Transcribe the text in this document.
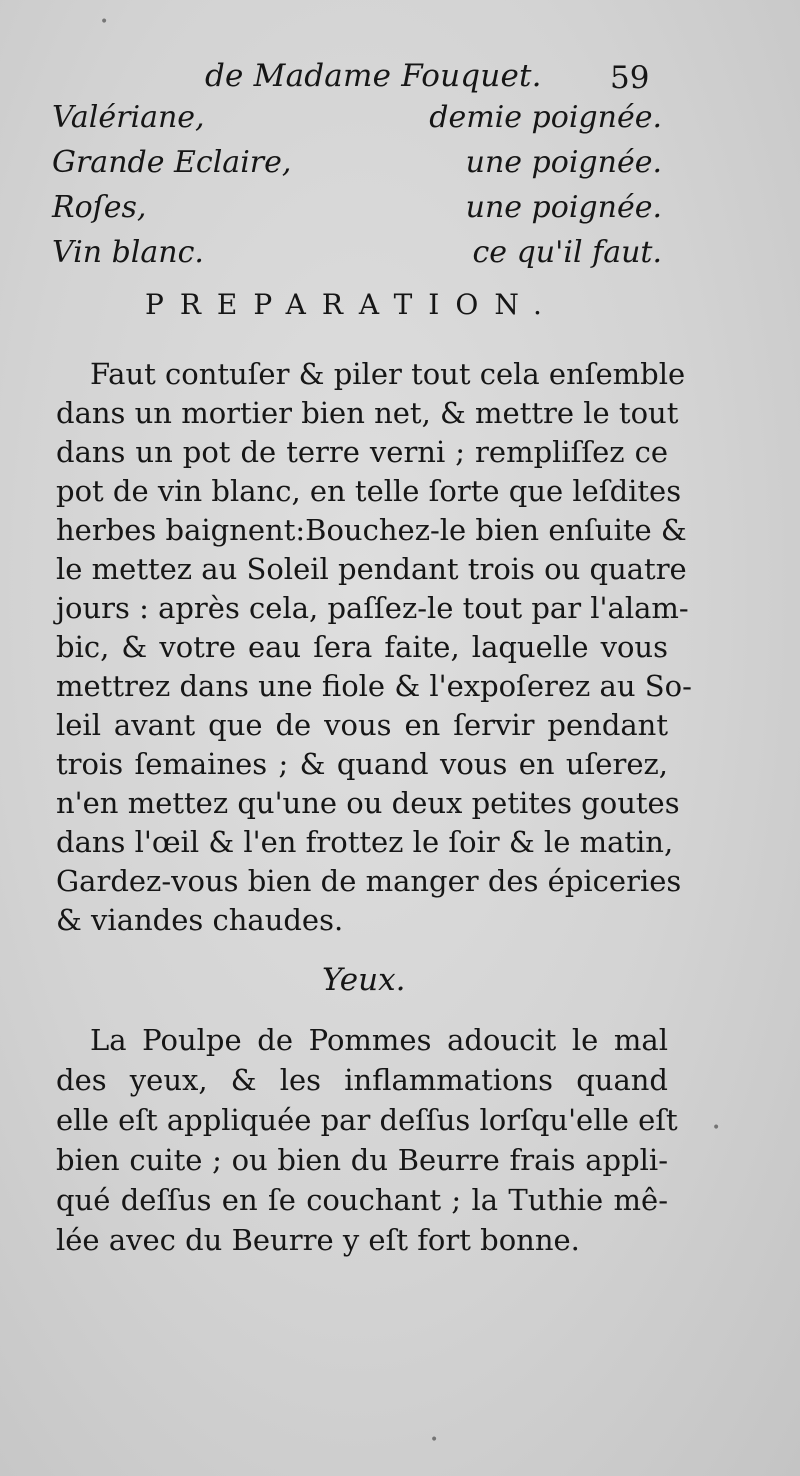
de Madame Fouquet. 59
Valériane,	demie poignée.
Grande Eclaire,	une poignée.
Roſes,	une poignée.
Vin blanc.	ce qu'il faut.
PREPARATION.
Faut contuſer & piler tout cela enſemble
dans un mortier bien net, & mettre le tout
dans un pot de terre verni ; rempliſſez ce
pot de vin blanc, en telle ſorte que leſdites
herbes baignent:Bouchez-le bien enſuite &
le mettez au Soleil pendant trois ou quatre
jours : après cela, paſſez-le tout par l'alam-
bic, & votre eau ſera faite, laquelle vous
mettrez dans une fiole & l'expoſerez au So-
leil avant que de vous en ſervir pendant
trois ſemaines ; & quand vous en uſerez,
n'en mettez qu'une ou deux petites goutes
dans l'œil & l'en frottez le ſoir & le matin,
Gardez-vous bien de manger des épiceries
& viandes chaudes.
Yeux.
La Poulpe de Pommes adoucit le mal
des yeux, & les inflammations quand
elle eſt appliquée par deſſus lorſqu'elle eſt
bien cuite ; ou bien du Beurre frais appli-
qué deſſus en ſe couchant ; la Tuthie mê-
lée avec du Beurre y eſt fort bonne.
•
•
•
